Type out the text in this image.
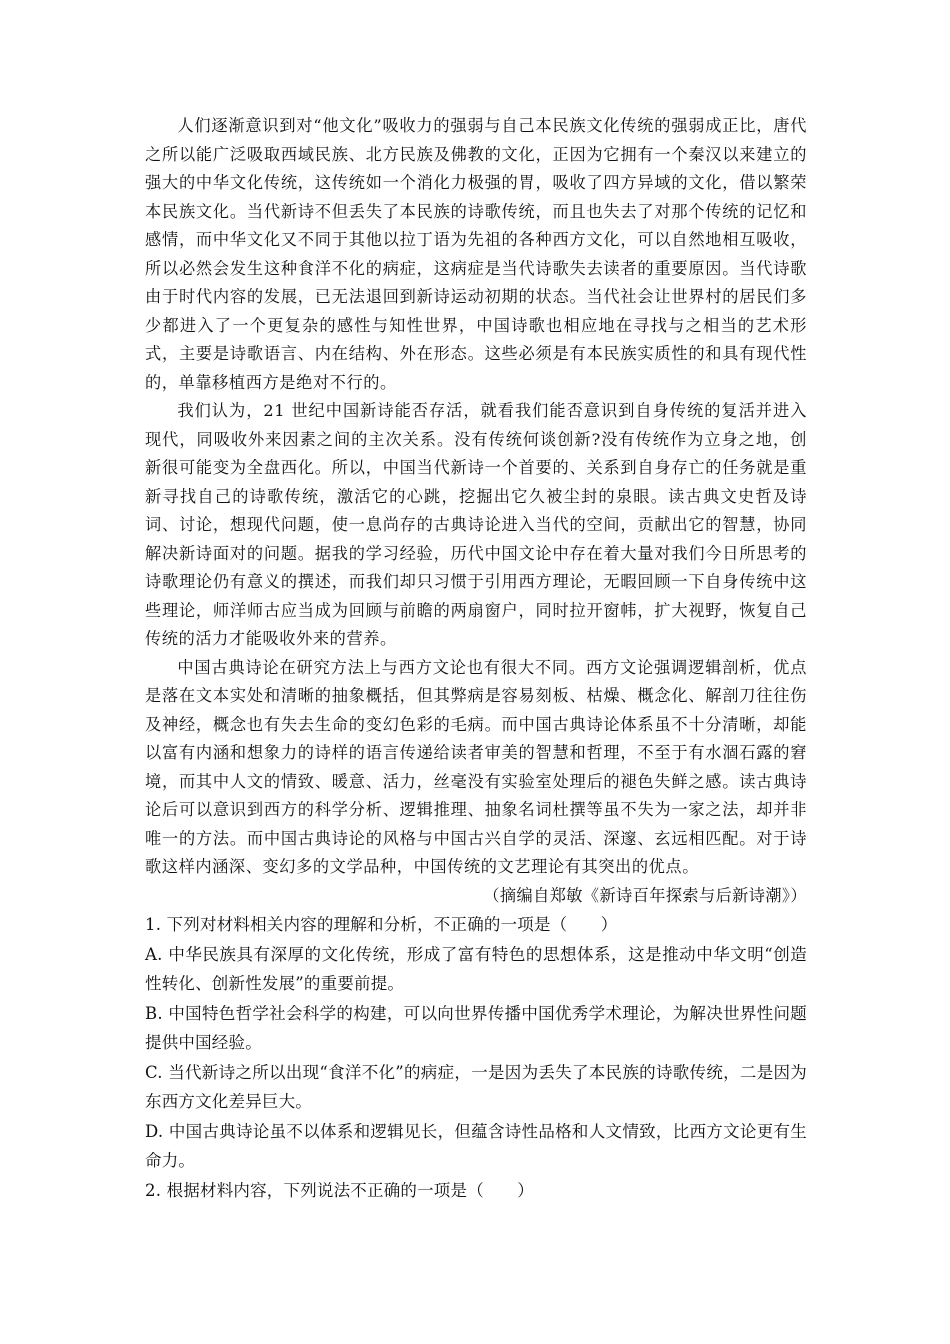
人们逐渐意识到对“他文化”吸收力的强弱与自己本民族文化传统的强弱成正比，唐代之所以能广泛吸取西域民族、北方民族及佛教的文化，正因为它拥有一个秦汉以来建立的强大的中华文化传统，这传统如一个消化力极强的胃，吸收了四方异域的文化，借以繁荣本民族文化。当代新诗不但丢失了本民族的诗歌传统，而且也失去了对那个传统的记忆和感情，而中华文化又不同于其他以拉丁语为先祖的各种西方文化，可以自然地相互吸收，所以必然会发生这种食洋不化的病症，这病症是当代诗歌失去读者的重要原因。当代诗歌由于时代内容的发展，已无法退回到新诗运动初期的状态。当代社会让世界村的居民们多少都进入了一个更复杂的感性与知性世界，中国诗歌也相应地在寻找与之相当的艺术形式，主要是诗歌语言、内在结构、外在形态。这些必须是有本民族实质性的和具有现代性的，单靠移植西方是绝对不行的。

我们认为，21 世纪中国新诗能否存活，就看我们能否意识到自身传统的复活并进入现代，同吸收外来因素之间的主次关系。没有传统何谈创新?没有传统作为立身之地，创新很可能变为全盘西化。所以，中国当代新诗一个首要的、关系到自身存亡的任务就是重新寻找自己的诗歌传统，激活它的心跳，挖掘出它久被尘封的泉眼。读古典文史哲及诗词、讨论，想现代问题，使一息尚存的古典诗论进入当代的空间，贡献出它的智慧，协同解决新诗面对的问题。据我的学习经验，历代中国文论中存在着大量对我们今日所思考的诗歌理论仍有意义的撰述，而我们却只习惯于引用西方理论，无暇回顾一下自身传统中这些理论，师洋师古应当成为回顾与前瞻的两扇窗户，同时拉开窗帏，扩大视野，恢复自己传统的活力才能吸收外来的营养。

中国古典诗论在研究方法上与西方文论也有很大不同。西方文论强调逻辑剖析，优点是落在文本实处和清晰的抽象概括，但其弊病是容易刻板、枯燥、概念化、解剖刀往往伤及神经，概念也有失去生命的变幻色彩的毛病。而中国古典诗论体系虽不十分清晰，却能以富有内涵和想象力的诗样的语言传递给读者审美的智慧和哲理，不至于有水涸石露的窘境，而其中人文的情致、暖意、活力，丝毫没有实验室处理后的褪色失鲜之感。读古典诗论后可以意识到西方的科学分析、逻辑推理、抽象名词杜撰等虽不失为一家之法，却并非唯一的方法。而中国古典诗论的风格与中国古兴自学的灵活、深邃、玄远相匹配。对于诗歌这样内涵深、变幻多的文学品种，中国传统的文艺理论有其突出的优点。

（摘编自郑敏《新诗百年探索与后新诗潮》）

1. 下列对材料相关内容的理解和分析，不正确的一项是（　　）

A. 中华民族具有深厚的文化传统，形成了富有特色的思想体系，这是推动中华文明“创造性转化、创新性发展”的重要前提。

B. 中国特色哲学社会科学的构建，可以向世界传播中国优秀学术理论，为解决世界性问题提供中国经验。

C. 当代新诗之所以出现“食洋不化”的病症，一是因为丢失了本民族的诗歌传统，二是因为东西方文化差异巨大。

D. 中国古典诗论虽不以体系和逻辑见长，但蕴含诗性品格和人文情致，比西方文论更有生命力。

2. 根据材料内容，下列说法不正确的一项是（　　）
